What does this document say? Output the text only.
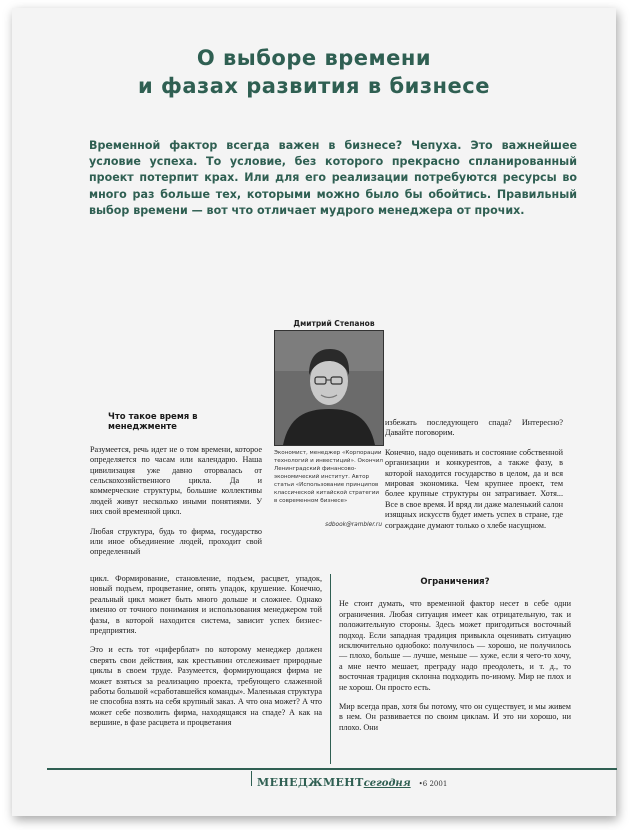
О выборе времени
и фазах развития в бизнесе
Временной фактор всегда важен в бизнесе? Чепуха. Это важнейшее условие успеха. То условие, без которого прекрасно спланированный проект потерпит крах. Или для его реализации потребуются ресурсы во много раз больше тех, которыми можно было бы обойтись. Правильный выбор времени — вот что отличает мудрого менеджера от прочих.
Дмитрий Степанов
Экономист, менеджер «Корпорации технологий и инвестиций». Окончил Ленинградский финансово-экономический институт. Автор статьи «Использование принципов классической китайской стратегии в современном бизнесе»
sdbook@rambler.ru
Что такое время в менеджменте

Разумеется, речь идет не о том времени, которое определяется по часам или календарю. Наша цивилизация уже давно оторвалась от сельскохозяйственного цикла. Да и коммерческие структуры, большие коллективы людей живут несколько иными понятиями. У них свой временной цикл.

Любая структура, будь то фирма, государство или иное объединение людей, проходит свой определенный

цикл. Формирование, становление, подъем, расцвет, упадок, новый подъем, процветание, опять упадок, крушение. Конечно, реальный цикл может быть много дольше и сложнее. Однако именно от точного понимания и использования менеджером той фазы, в которой находится система, зависит успех бизнес-предприятия.

Это и есть тот «циферблат» по которому менеджер должен сверять свои действия, как крестьянин отслеживает природные циклы в своем труде. Разумеется, формирующаяся фирма не может взяться за реализацию проекта, требующего слаженной работы большой «сработавшейся команды». Маленькая структура не способна взять на себя крупный заказ. А что она может? А что может себе позволить фирма, находящаяся на спаде? А как на вершине, в фазе расцвета и процветания

избежать последующего спада? Интересно? Давайте поговорим.

Конечно, надо оценивать и состояние собственной организации и конкурентов, а также фазу, в которой находится государство в целом, да и вся мировая экономика. Чем крупнее проект, тем более крупные структуры он затрагивает. Хотя... Все в свое время. И вряд ли даже маленький салон изящных искусств будет иметь успех в стране, где сограждане думают только о хлебе насущном.

Ограничения?

Не стоит думать, что временной фактор несет в себе одни ограничения. Любая ситуация имеет как отрицательную, так и положительную стороны. Здесь может пригодиться восточный подход. Если западная традиция привыкла оценивать ситуацию исключительно однобоко: получилось — хорошо, не получилось — плохо, больше — лучше, меньше — хуже, если я чего-то хочу, а мне нечто мешает, преграду надо преодолеть, и т. д., то восточная традиция склонна подходить по-иному. Мир не плох и не хорош. Он просто есть.

Мир всегда прав, хотя бы потому, что он существует, и мы живем в нем. Он развивается по своим циклам. И это ни хорошо, ни плохо. Они

МЕНЕДЖМЕНТсегодня •6 2001
